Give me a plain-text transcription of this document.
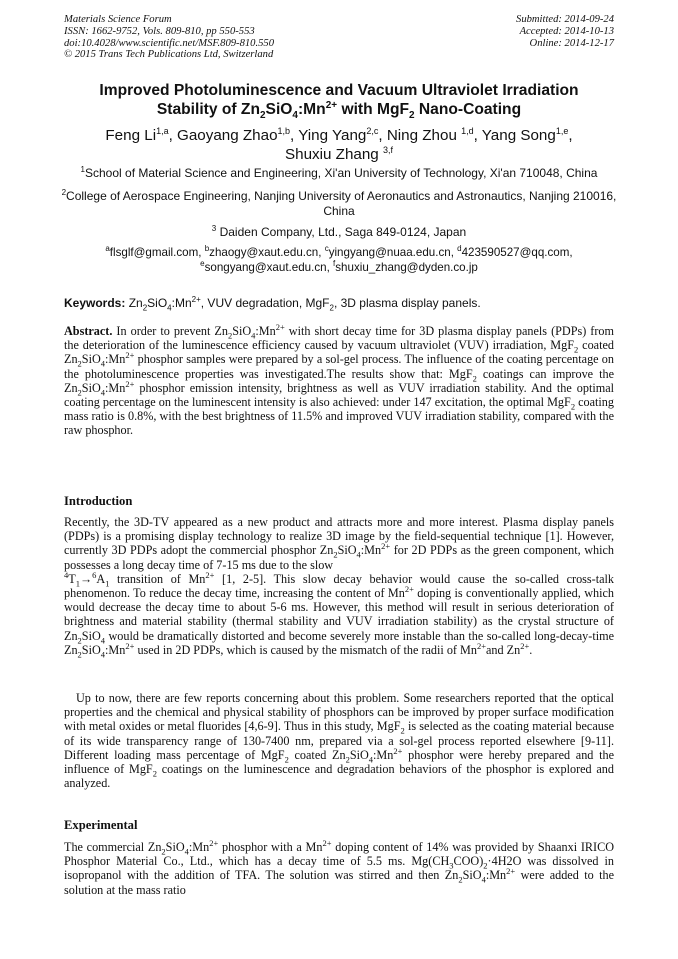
Materials Science Forum
ISSN: 1662-9752, Vols. 809-810, pp 550-553
doi:10.4028/www.scientific.net/MSF.809-810.550
© 2015 Trans Tech Publications Ltd, Switzerland
Submitted: 2014-09-24
Accepted: 2014-10-13
Online: 2014-12-17
Improved Photoluminescence and Vacuum Ultraviolet Irradiation
Stability of $Zn_2SiO_4:Mn^{2+}$ with MgF$_2$ Nano-Coating
Feng Li$^{1,a}$, Gaoyang Zhao$^{1,b}$, Ying Yang$^{2,c}$, Ning Zhou $^{1,d}$, Yang Song$^{1,e}$,
Shuxiu Zhang $^{3,f}$
$^1$School of Material Science and Engineering, Xi'an University of Technology, Xi'an 710048, China
$^2$College of Aerospace Engineering, Nanjing University of Aeronautics and Astronautics, Nanjing 210016, China
$^3$ Daiden Company, Ltd., Saga 849-0124, Japan
$^a$flsglf@gmail.com, $^b$zhaogy@xaut.edu.cn, $^c$yingyang@nuaa.edu.cn, $^d$423590527@qq.com,
$^e$songyang@xaut.edu.cn, $^f$shuxiu_zhang@dyden.co.jp
Keywords: $Zn_2SiO_4:Mn^{2+}$, VUV degradation, MgF$_2$, 3D plasma display panels.
Abstract. In order to prevent $Zn_2SiO_4:Mn^{2+}$ with short decay time for 3D plasma display panels (PDPs) from the deterioration of the luminescence efficiency caused by vacuum ultraviolet (VUV) irradiation, MgF$_2$ coated $Zn_2SiO_4:Mn^{2+}$ phosphor samples were prepared by a sol-gel process. The influence of the coating percentage on the photoluminescence properties was investigated.The results show that: MgF$_2$ coatings can improve the $Zn_2SiO_4:Mn^{2+}$ phosphor emission intensity, brightness as well as VUV irradiation stability. And the optimal coating percentage on the luminescent intensity is also achieved: under 147 excitation, the optimal MgF$_2$ coating mass ratio is 0.8%, with the best brightness of 11.5% and improved VUV irradiation stability, compared with the raw phosphor.
Introduction
Recently, the 3D-TV appeared as a new product and attracts more and more interest. Plasma display panels (PDPs) is a promising display technology to realize 3D image by the field-sequential technique [1]. However, currently 3D PDPs adopt the commercial phosphor $Zn_2SiO_4:Mn^{2+}$ for 2D PDPs as the green component, which possesses a long decay time of 7-15 ms due to the slow
$^4T_1\to^6A_1$ transition of $Mn^{2+}$ [1, 2-5]. This slow decay behavior would cause the so-called cross-talk phenomenon. To reduce the decay time, increasing the content of $Mn^{2+}$ doping is conventionally applied, which would decrease the decay time to about 5-6 ms. However, this method will result in serious deterioration of brightness and material stability (thermal stability and VUV irradiation stability) as the crystal structure of $Zn_2SiO_4$ would be dramatically distorted and become severely more instable than the so-called long-decay-time $Zn_2SiO_4:Mn^{2+}$ used in 2D PDPs, which is caused by the mismatch of the radii of $Mn^{2+}and$ $Zn^{2+}$.
Up to now, there are few reports concerning about this problem. Some researchers reported that the optical properties and the chemical and physical stability of phosphors can be improved by proper surface modification with metal oxides or metal fluorides [4,6-9]. Thus in this study, MgF$_2$ is selected as the coating material because of its wide transparency range of 130-7400 nm, prepared via a sol-gel process reported elsewhere [9-11]. Different loading mass percentage of MgF$_2$ coated $Zn_2SiO_4:Mn^{2+}$ phosphor were hereby prepared and the influence of MgF$_2$ coatings on the luminescence and degradation behaviors of the phosphor is explored and analyzed.
Experimental
The commercial $Zn_2SiO_4:Mn^{2+}$ phosphor with a $Mn^{2+}$ doping content of 14% was provided by Shaanxi IRICO Phosphor Material Co., Ltd., which has a decay time of 5.5 ms. $Mg(CH_3COO)_2\cdot 4H2O$ was dissolved in isopropanol with the addition of TFA. The solution was stirred and then $Zn_2SiO_4:Mn^{2+}$ were added to the solution at the mass ratio
